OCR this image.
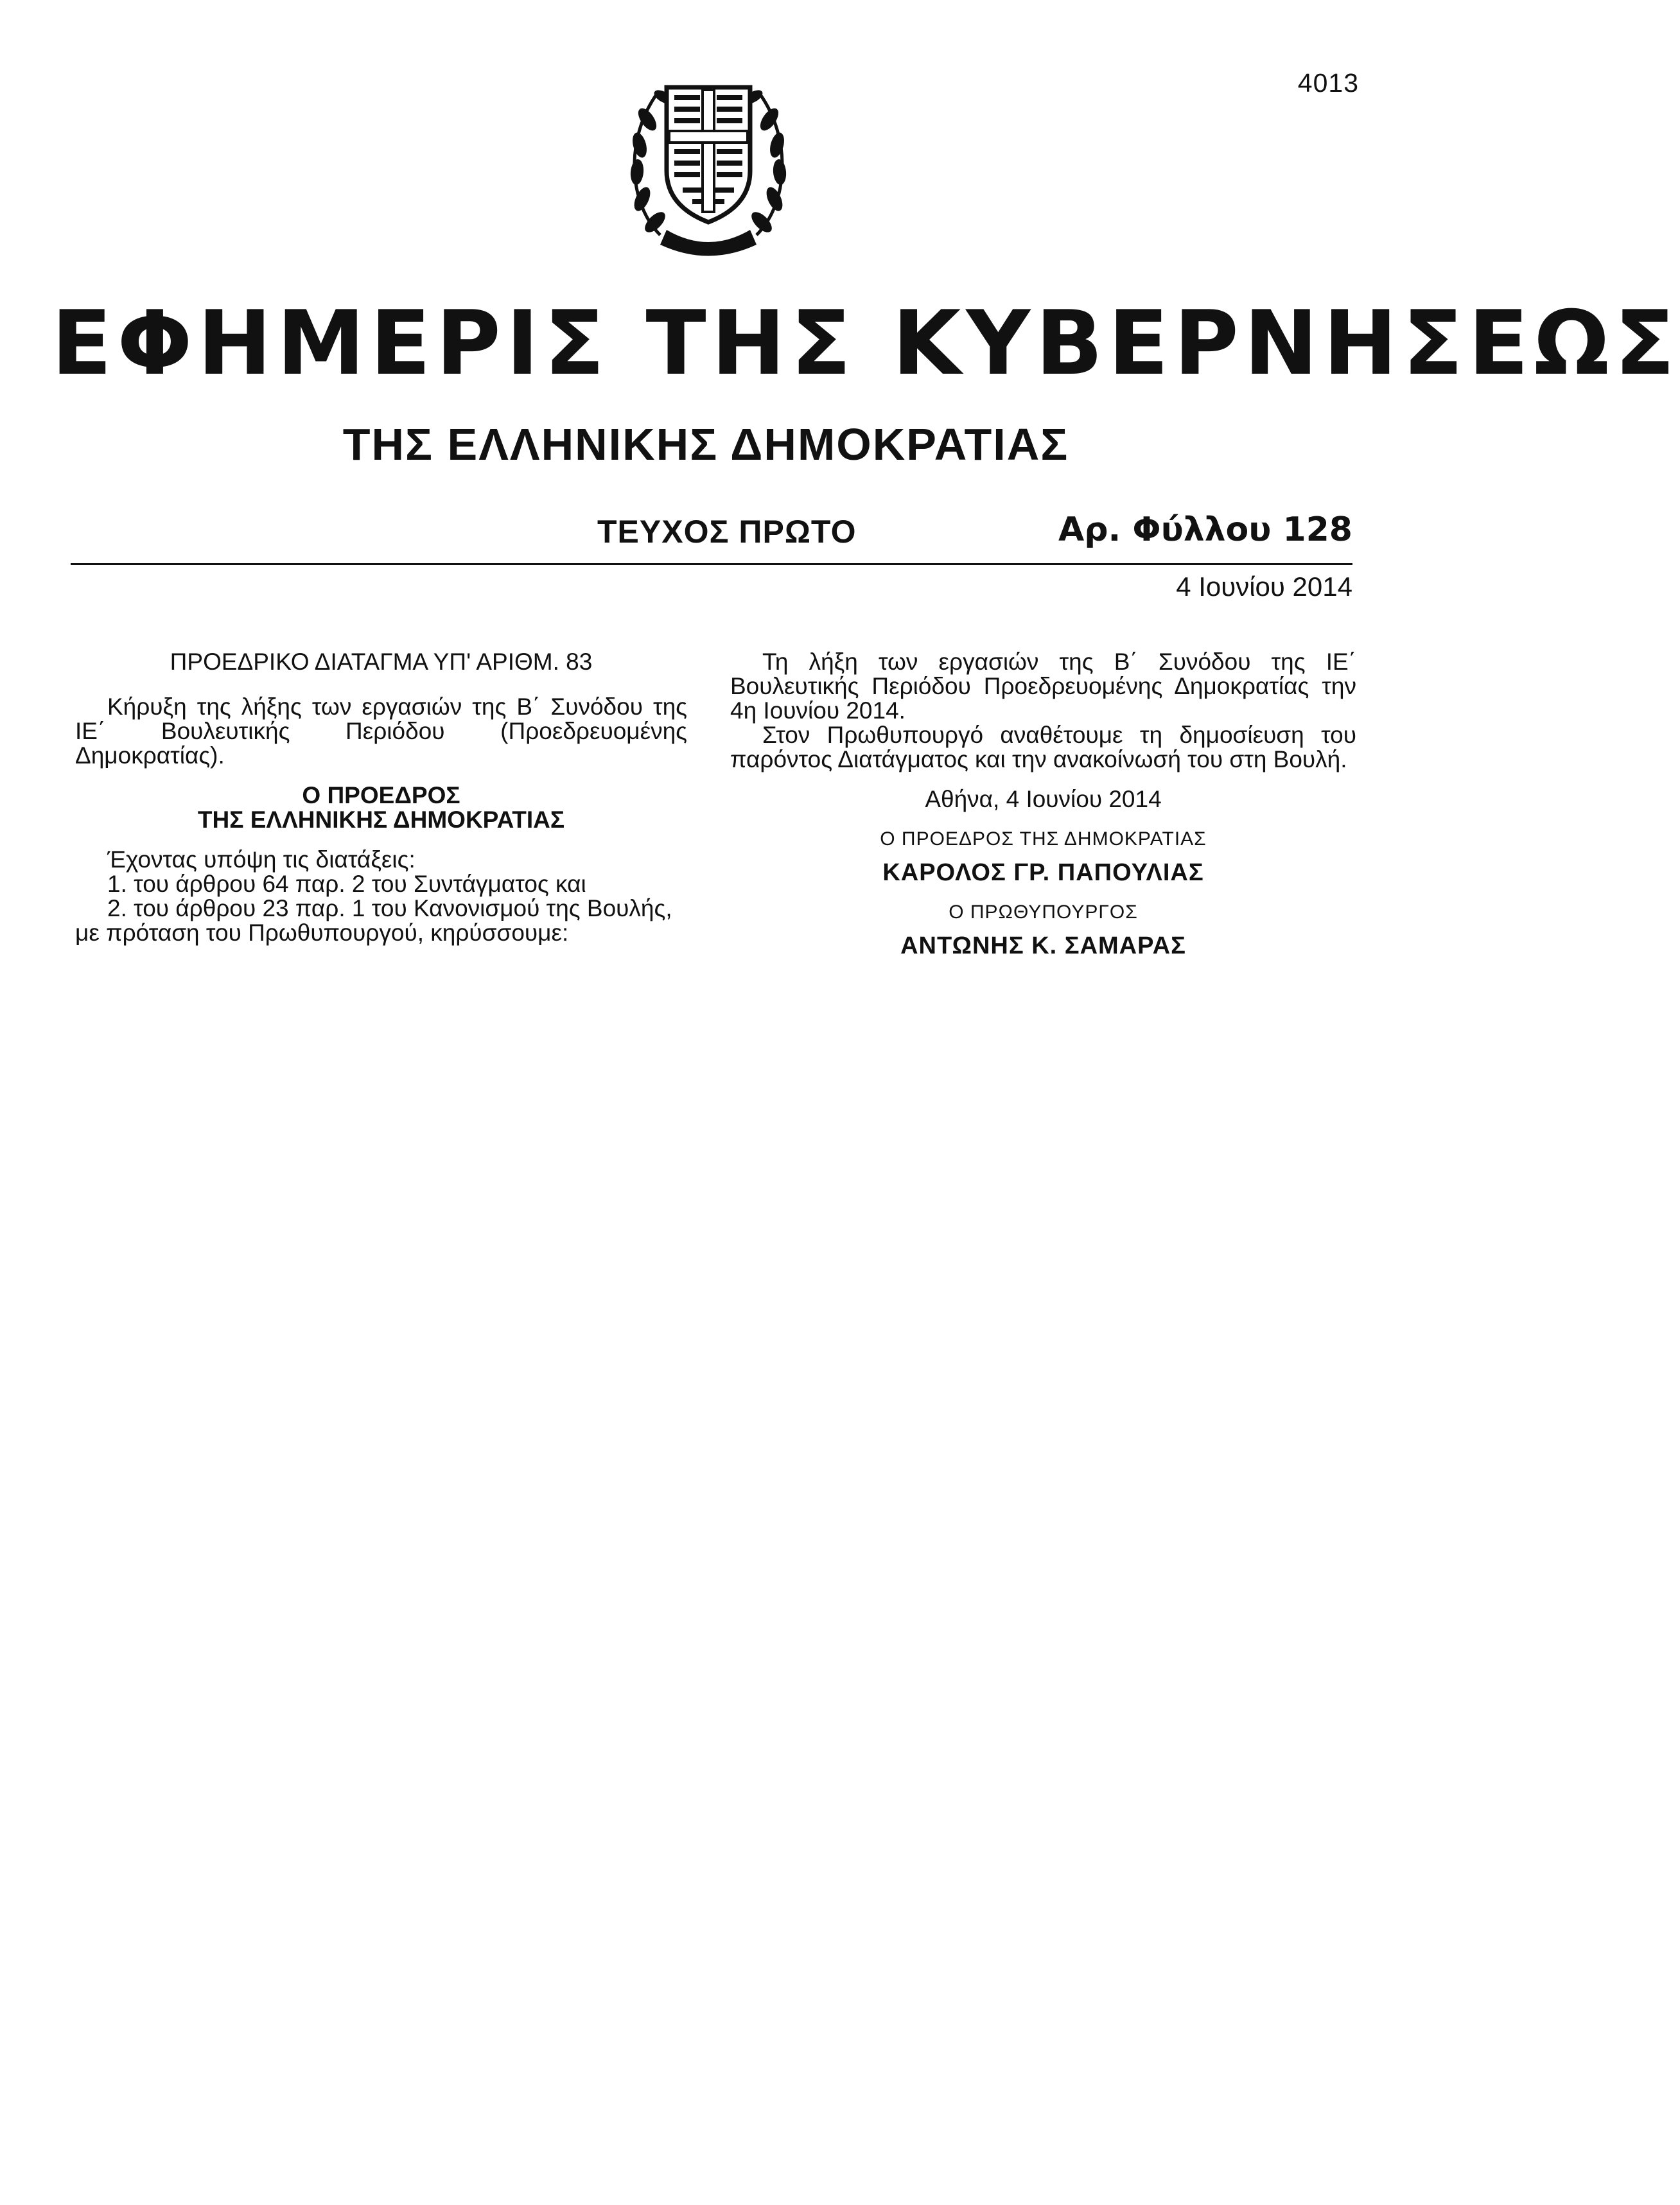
4013
ΕΦΗΜΕΡΙΣ ΤΗΣ ΚΥΒΕΡΝΗΣΕΩΣ
ΤΗΣ ΕΛΛΗΝΙΚΗΣ ΔΗΜΟΚΡΑΤΙΑΣ
ΤΕΥΧΟΣ ΠΡΩΤΟ	Αρ. Φύλλου 128
4 Ιουνίου 2014

ΠΡΟΕΔΡΙΚΟ ΔΙΑΤΑΓΜΑ ΥΠ' ΑΡΙΘΜ. 83

Κήρυξη της λήξης των εργασιών της Β΄ Συνόδου της ΙΕ΄ Βουλευτικής Περιόδου (Προεδρευομένης Δημοκρατίας).

Ο ΠΡΟΕΔΡΟΣ

ΤΗΣ ΕΛΛΗΝΙΚΗΣ ΔΗΜΟΚΡΑΤΙΑΣ

Έχοντας υπόψη τις διατάξεις:

1. του άρθρου 64 παρ. 2 του Συντάγματος και

2. του άρθρου 23 παρ. 1 του Κανονισμού της Βουλής,

με πρόταση του Πρωθυπουργού, κηρύσσουμε:

Τη λήξη των εργασιών της Β΄ Συνόδου της ΙΕ΄ Βουλευτικής Περιόδου Προεδρευομένης Δημοκρατίας την 4η Ιουνίου 2014.

Στον Πρωθυπουργό αναθέτουμε τη δημοσίευση του παρόντος Διατάγματος και την ανακοίνωσή του στη Βουλή.

Αθήνα, 4 Ιουνίου 2014

Ο ΠΡΟΕΔΡΟΣ ΤΗΣ ΔΗΜΟΚΡΑΤΙΑΣ

ΚΑΡΟΛΟΣ ΓΡ. ΠΑΠΟΥΛΙΑΣ

Ο ΠΡΩΘΥΠΟΥΡΓΟΣ

ΑΝΤΩΝΗΣ Κ. ΣΑΜΑΡΑΣ
